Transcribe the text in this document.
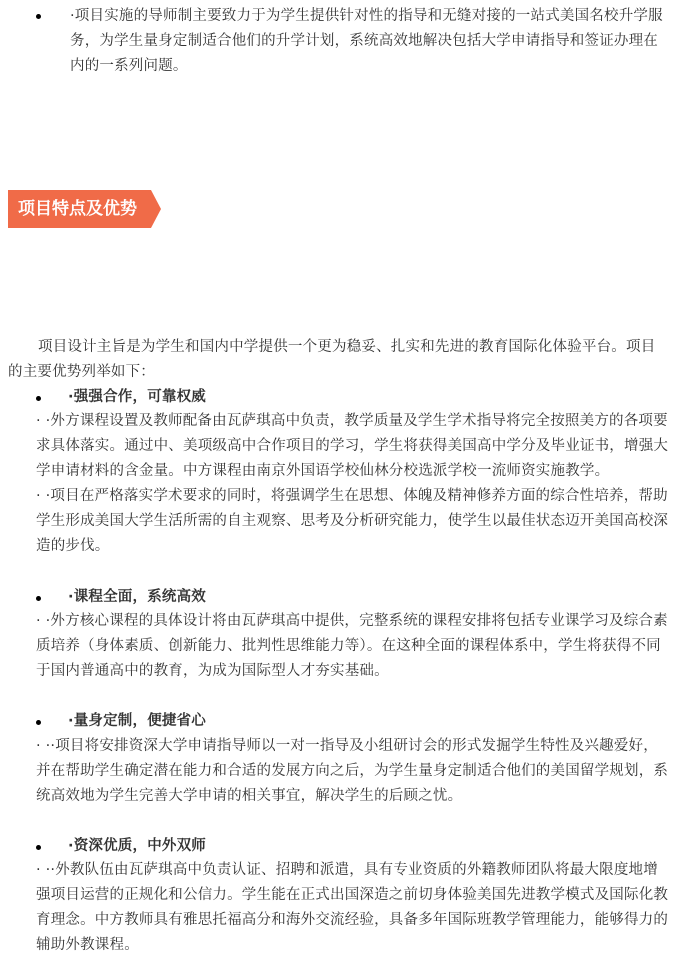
·项目实施的导师制主要致力于为学生提供针对性的指导和无缝对接的一站式美国名校升学服务，为学生量身定制适合他们的升学计划，系统高效地解决包括大学申请指导和签证办理在内的一系列问题。

项目特点及优势

项目设计主旨是为学生和国内中学提供一个更为稳妥、扎实和先进的教育国际化体验平台。项目的主要优势列举如下：

·强强合作，可靠权威

· ·外方课程设置及教师配备由瓦萨琪高中负责，教学质量及学生学术指导将完全按照美方的各项要求具体落实。通过中、美项级高中合作项目的学习，学生将获得美国高中学分及毕业证书，增强大学申请材料的含金量。中方课程由南京外国语学校仙林分校选派学校一流师资实施教学。

· ·项目在严格落实学术要求的同时，将强调学生在思想、体魄及精神修养方面的综合性培养，帮助学生形成美国大学生活所需的自主观察、思考及分析研究能力，使学生以最佳状态迈开美国高校深造的步伐。

·课程全面，系统高效

· ·外方核心课程的具体设计将由瓦萨琪高中提供，完整系统的课程安排将包括专业课学习及综合素质培养（身体素质、创新能力、批判性思维能力等）。在这种全面的课程体系中，学生将获得不同于国内普通高中的教育，为成为国际型人才夯实基础。

·量身定制，便捷省心

· ··项目将安排资深大学申请指导师以一对一指导及小组研讨会的形式发掘学生特性及兴趣爱好，并在帮助学生确定潜在能力和合适的发展方向之后，为学生量身定制适合他们的美国留学规划，系统高效地为学生完善大学申请的相关事宜，解决学生的后顾之忧。

·资深优质，中外双师

· ··外教队伍由瓦萨琪高中负责认证、招聘和派遣，具有专业资质的外籍教师团队将最大限度地增强项目运营的正规化和公信力。学生能在正式出国深造之前切身体验美国先进教学模式及国际化教育理念。中方教师具有雅思托福高分和海外交流经验，具备多年国际班教学管理能力，能够得力的辅助外教课程。
